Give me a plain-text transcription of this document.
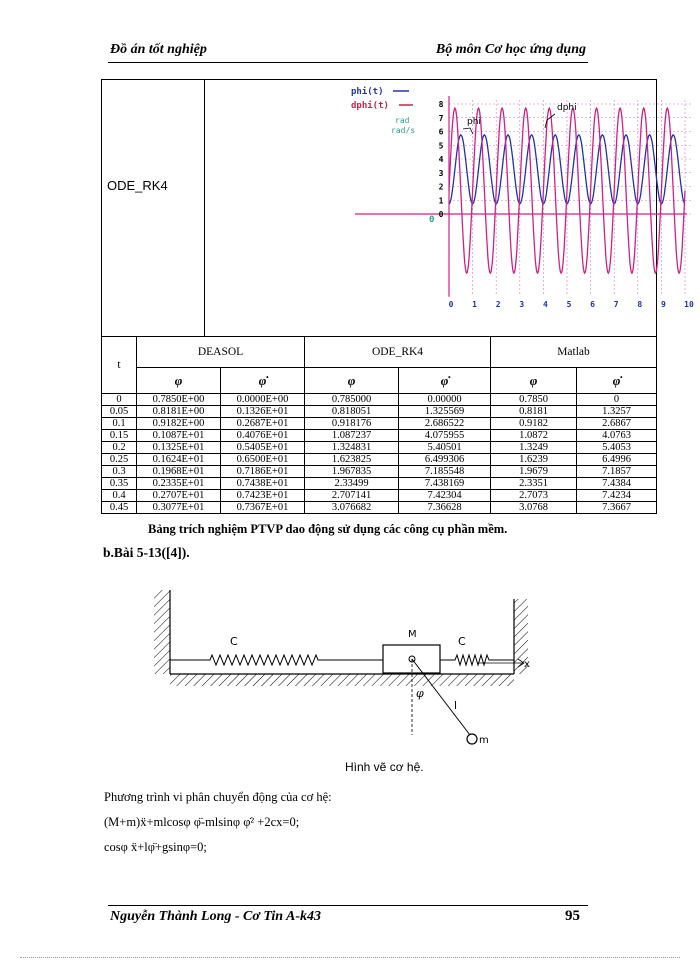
Đồ án tốt nghiệp	Bộ môn Cơ học ứng dụng
ODE_RK4
0
1
2
3
4
5
6
7
8
0 1 2 3 4 5 6 7 8 9 10
phi(t)
dphi(t)
rad
rad/s
phi
dphi
0
t	DEASOL		ODE_RK4		Matlab	
	φ	φ̇	φ	φ̇	φ	φ̇
0	0.7850E+00	0.0000E+00	0.785000	0.00000	0.7850	0
0.05	0.8181E+00	0.1326E+01	0.818051	1.325569	0.8181	1.3257
0.1	0.9182E+00	0.2687E+01	0.918176	2.686522	0.9182	2.6867
0.15	0.1087E+01	0.4076E+01	1.087237	4.075955	1.0872	4.0763
0.2	0.1325E+01	0.5405E+01	1.324831	5.40501	1.3249	5.4053
0.25	0.1624E+01	0.6500E+01	1.623825	6.499306	1.6239	6.4996
0.3	0.1968E+01	0.7186E+01	1.967835	7.185548	1.9679	7.1857
0.35	0.2335E+01	0.7438E+01	2.33499	7.438169	2.3351	7.4384
0.4	0.2707E+01	0.7423E+01	2.707141	7.42304	2.7073	7.4234
0.45	0.3077E+01	0.7367E+01	3.076682	7.36628	3.0768	7.3667
Bảng trích nghiệm PTVP dao động sử dụng các công cụ phần mềm.
b.Bài 5-13([4]).
C
M
C
x
φ
l
m
Hình vẽ cơ hệ.
Phương trình vi phân chuyển động của cơ hệ:
(M+m)ẍ+mlcosφ φ̈-mlsinφ φ̇² +2cx=0;
cosφ ẍ+lφ̈+gsinφ=0;
Nguyễn Thành Long - Cơ Tin A-k43	95
